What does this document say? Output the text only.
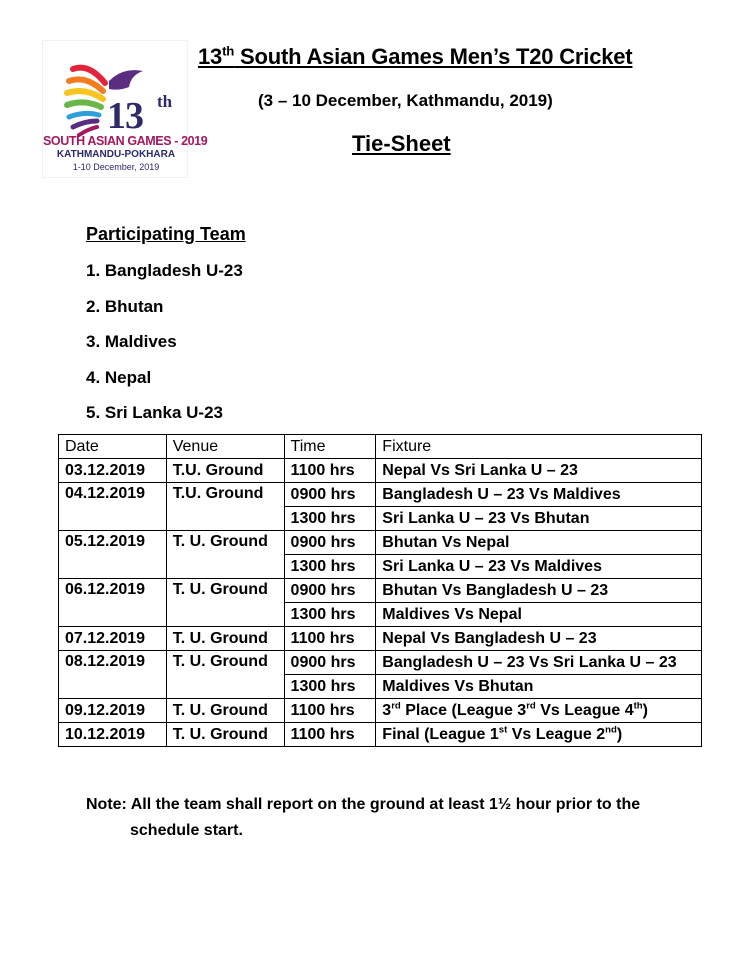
13 th
SOUTH ASIAN GAMES - 2019
KATHMANDU-POKHARA
1-10 December, 2019
13th South Asian Games Men’s T20 Cricket
(3 – 10 December, Kathmandu, 2019)
Tie-Sheet
Participating Team
1. Bangladesh U-23
2. Bhutan
3. Maldives
4. Nepal
5. Sri Lanka U-23
Date	Venue	Time	Fixture
03.12.2019	T.U. Ground	1100 hrs	Nepal Vs Sri Lanka U – 23
04.12.2019	T.U. Ground	0900 hrs	Bangladesh U – 23 Vs Maldives
		1300 hrs	Sri Lanka U – 23 Vs Bhutan
05.12.2019	T. U. Ground	0900 hrs	Bhutan Vs Nepal
		1300 hrs	Sri Lanka U – 23 Vs Maldives
06.12.2019	T. U. Ground	0900 hrs	Bhutan Vs Bangladesh U – 23
		1300 hrs	Maldives Vs Nepal
07.12.2019	T. U. Ground	1100 hrs	Nepal Vs Bangladesh U – 23
08.12.2019	T. U. Ground	0900 hrs	Bangladesh U – 23 Vs Sri Lanka U – 23
		1300 hrs	Maldives Vs Bhutan
09.12.2019	T. U. Ground	1100 hrs	3rd Place (League 3rd Vs League 4th)
10.12.2019	T. U. Ground	1100 hrs	Final (League 1st Vs League 2nd)
Note: All the team shall report on the ground at least 1½ hour prior to the
schedule start.
